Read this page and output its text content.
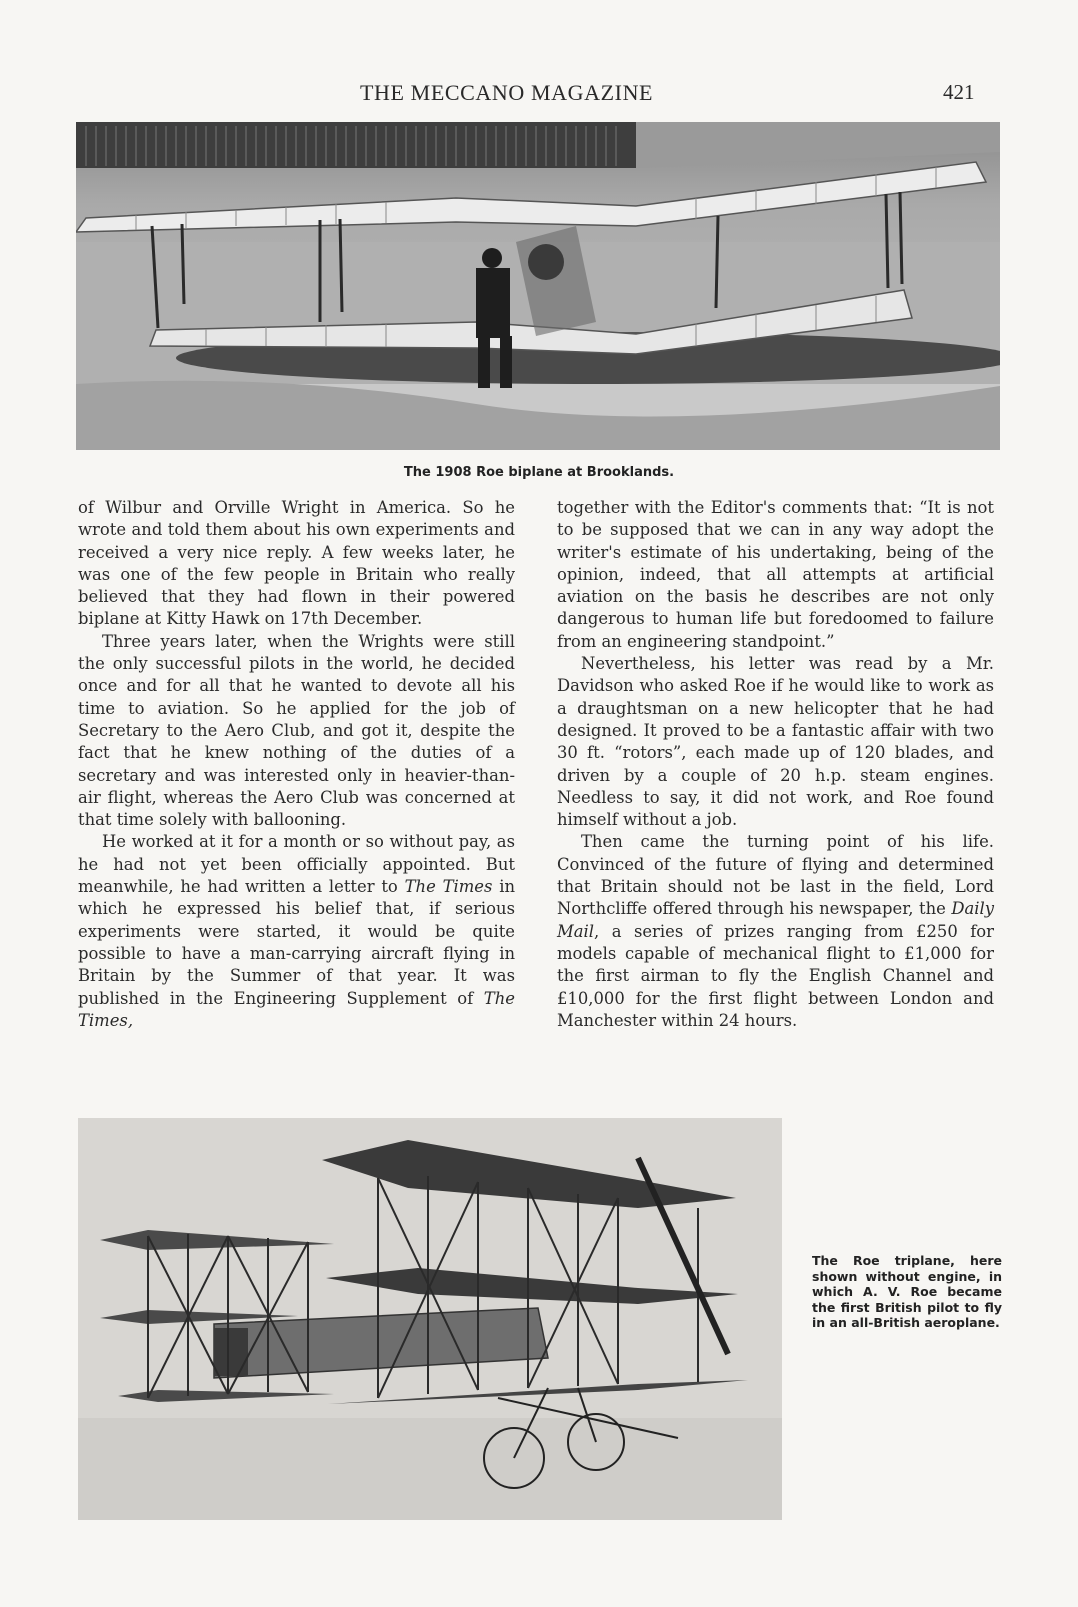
THE MECCANO MAGAZINE	421
The 1908 Roe biplane at Brooklands.

of Wilbur and Orville Wright in America. So he wrote and told them about his own experiments and received a very nice reply. A few weeks later, he was one of the few people in Britain who really believed that they had flown in their powered biplane at Kitty Hawk on 17th December.

Three years later, when the Wrights were still the only successful pilots in the world, he decided once and for all that he wanted to devote all his time to aviation. So he applied for the job of Secretary to the Aero Club, and got it, despite the fact that he knew nothing of the duties of a secretary and was interested only in heavier-than-air flight, whereas the Aero Club was concerned at that time solely with ballooning.

He worked at it for a month or so without pay, as he had not yet been officially appointed. But meanwhile, he had written a letter to The Times in which he expressed his belief that, if serious experiments were started, it would be quite possible to have a man-carrying aircraft flying in Britain by the Summer of that year. It was published in the Engineering Supplement of The Times,

together with the Editor's comments that: “It is not to be supposed that we can in any way adopt the writer's estimate of his undertaking, being of the opinion, indeed, that all attempts at artificial aviation on the basis he describes are not only dangerous to human life but foredoomed to failure from an engineering standpoint.”

Nevertheless, his letter was read by a Mr. Davidson who asked Roe if he would like to work as a draughtsman on a new helicopter that he had designed. It proved to be a fantastic affair with two 30 ft. “rotors”, each made up of 120 blades, and driven by a couple of 20 h.p. steam engines. Needless to say, it did not work, and Roe found himself without a job.

Then came the turning point of his life. Convinced of the future of flying and determined that Britain should not be last in the field, Lord Northcliffe offered through his newspaper, the Daily Mail, a series of prizes ranging from £250 for models capable of mechanical flight to £1,000 for the first airman to fly the English Channel and £10,000 for the first flight between London and Manchester within 24 hours.

The Roe triplane, here shown without engine, in which A. V. Roe became the first British pilot to fly in an all-British aeroplane.
